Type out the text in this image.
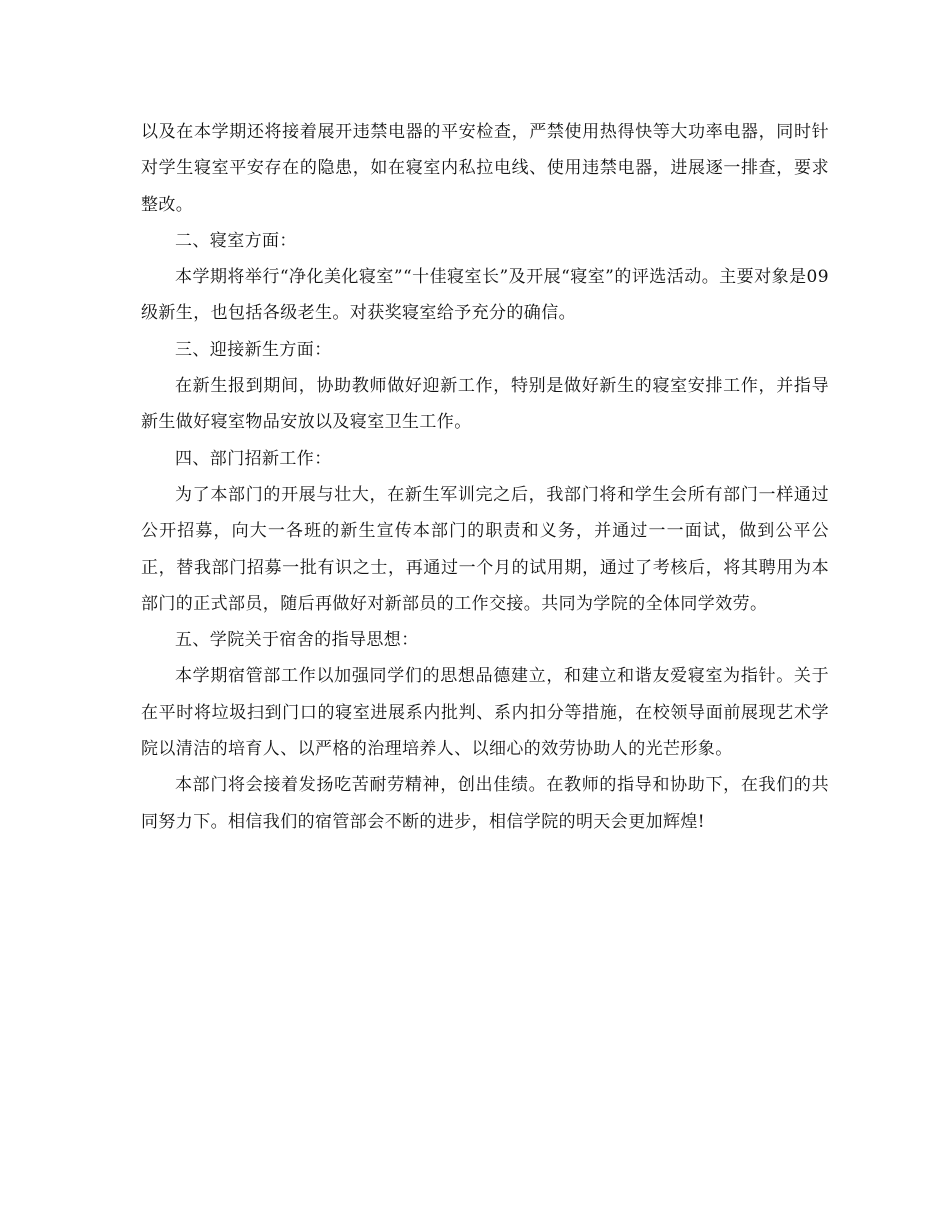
以及在本学期还将接着展开违禁电器的平安检查，严禁使用热得快等大功率电器，同时针对学生寝室平安存在的隐患，如在寝室内私拉电线、使用违禁电器，进展逐一排查，要求整改。

二、寝室方面：

本学期将举行“净化美化寝室”“十佳寝室长”及开展“寝室”的评选活动。主要对象是09级新生，也包括各级老生。对获奖寝室给予充分的确信。

三、迎接新生方面：

在新生报到期间，协助教师做好迎新工作，特别是做好新生的寝室安排工作，并指导新生做好寝室物品安放以及寝室卫生工作。

四、部门招新工作：

为了本部门的开展与壮大，在新生军训完之后，我部门将和学生会所有部门一样通过公开招募，向大一各班的新生宣传本部门的职责和义务，并通过一一面试，做到公平公正，替我部门招募一批有识之士，再通过一个月的试用期，通过了考核后，将其聘用为本部门的正式部员，随后再做好对新部员的工作交接。共同为学院的全体同学效劳。

五、学院关于宿舍的指导思想：

本学期宿管部工作以加强同学们的思想品德建立，和建立和谐友爱寝室为指针。关于在平时将垃圾扫到门口的寝室进展系内批判、系内扣分等措施，在校领导面前展现艺术学院以清洁的培育人、以严格的治理培养人、以细心的效劳协助人的光芒形象。

本部门将会接着发扬吃苦耐劳精神，创出佳绩。在教师的指导和协助下，在我们的共同努力下。相信我们的宿管部会不断的进步，相信学院的明天会更加辉煌!
